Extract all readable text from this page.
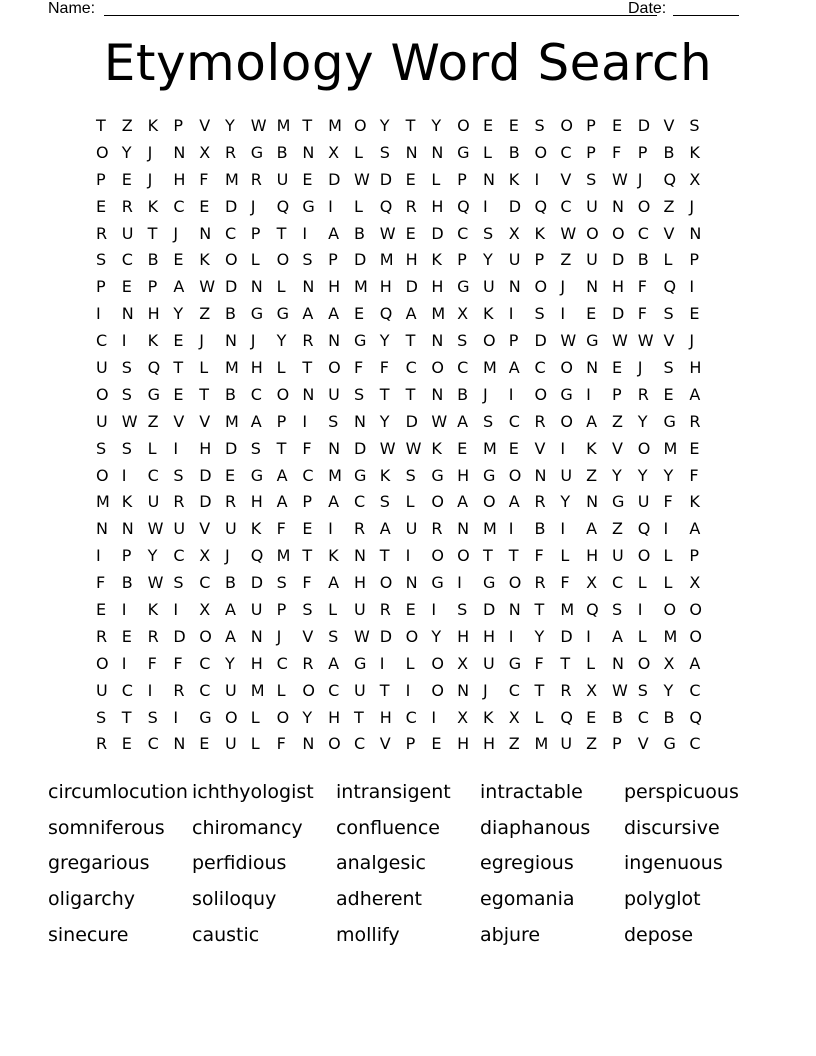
Name:	Date:
Etymology Word Search
T Z K P V Y W M T M O Y T Y O E E S O P E D V S
O Y J N X R G B N X L S N N G L B O C P F P B K
P E J H F M R U E D W D E L P N K I V S W J Q X
E R K C E D J Q G I L Q R H Q I D Q C U N O Z J
R U T J N C P T I A B W E D C S X K W O O C V N
S C B E K O L O S P D M H K P Y U P Z U D B L P
P E P A W D N L N H M H D H G U N O J N H F Q I
I N H Y Z B G G A A E Q A M X K I S I E D F S E
C I K E J N J Y R N G Y T N S O P D W G W W V J
U S Q T L M H L T O F F C O C M A C O N E J S H
O S G E T B C O N U S T T N B J I O G I P R E A
U W Z V V M A P I S N Y D W A S C R O A Z Y G R
S S L I H D S T F N D W W K E M E V I K V O M E
O I C S D E G A C M G K S G H G O N U Z Y Y Y F
M K U R D R H A P A C S L O A O A R Y N G U F K
N N W U V U K F E I R A U R N M I B I A Z Q I A
I P Y C X J Q M T K N T I O O T T F L H U O L P
F B W S C B D S F A H O N G I G O R F X C L L X
E I K I X A U P S L U R E I S D N T M Q S I O O
R E R D O A N J V S W D O Y H H I Y D I A L M O
O I F F C Y H C R A G I L O X U G F T L N O X A
U C I R C U M L O C U T I O N J C T R X W S Y C
S T S I G O L O Y H T H C I X K X L Q E B C B Q
R E C N E U L F N O C V P E H H Z M U Z P V G C
circumlocution ichthyologist intransigent intractable perspicuous
somniferous chiromancy confluence diaphanous discursive
gregarious perfidious	analgesic	egregious	ingenuous
oligarchy	soliloquy	adherent	egomania	polyglot
sinecure	caustic	mollify	abjure	depose
